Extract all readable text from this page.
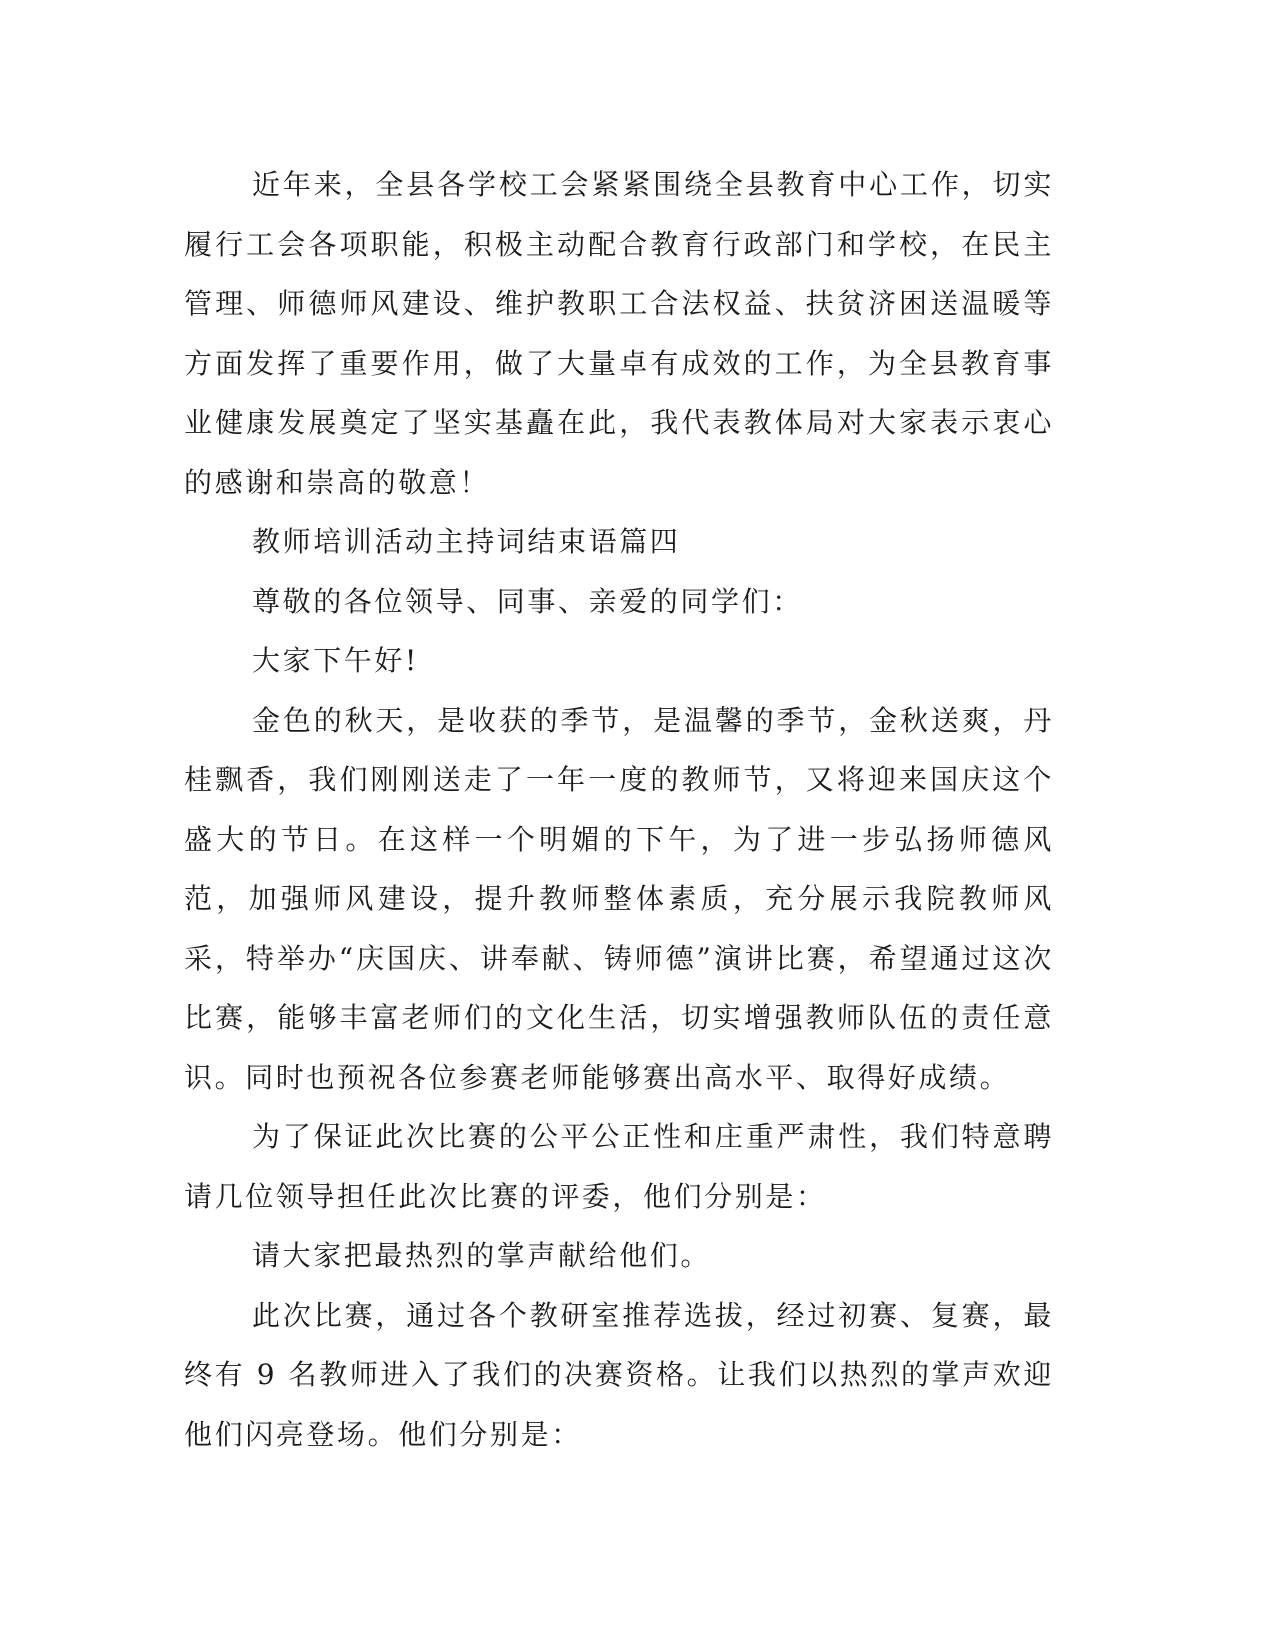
近年来，全县各学校工会紧紧围绕全县教育中心工作，切实履行工会各项职能，积极主动配合教育行政部门和学校，在民主管理、师德师风建设、维护教职工合法权益、扶贫济困送温暖等方面发挥了重要作用，做了大量卓有成效的工作，为全县教育事业健康发展奠定了坚实基矗在此，我代表教体局对大家表示衷心的感谢和崇高的敬意！

教师培训活动主持词结束语篇四

尊敬的各位领导、同事、亲爱的同学们：

大家下午好!

金色的秋天，是收获的季节，是温馨的季节，金秋送爽，丹桂飘香，我们刚刚送走了一年一度的教师节，又将迎来国庆这个盛大的节日。在这样一个明媚的下午，为了进一步弘扬师德风范，加强师风建设，提升教师整体素质，充分展示我院教师风采，特举办“庆国庆、讲奉献、铸师德”演讲比赛，希望通过这次比赛，能够丰富老师们的文化生活，切实增强教师队伍的责任意识。同时也预祝各位参赛老师能够赛出高水平、取得好成绩。

为了保证此次比赛的公平公正性和庄重严肃性，我们特意聘请几位领导担任此次比赛的评委，他们分别是：

请大家把最热烈的掌声献给他们。

此次比赛，通过各个教研室推荐选拔，经过初赛、复赛，最终有 9 名教师进入了我们的决赛资格。让我们以热烈的掌声欢迎他们闪亮登场。他们分别是：
